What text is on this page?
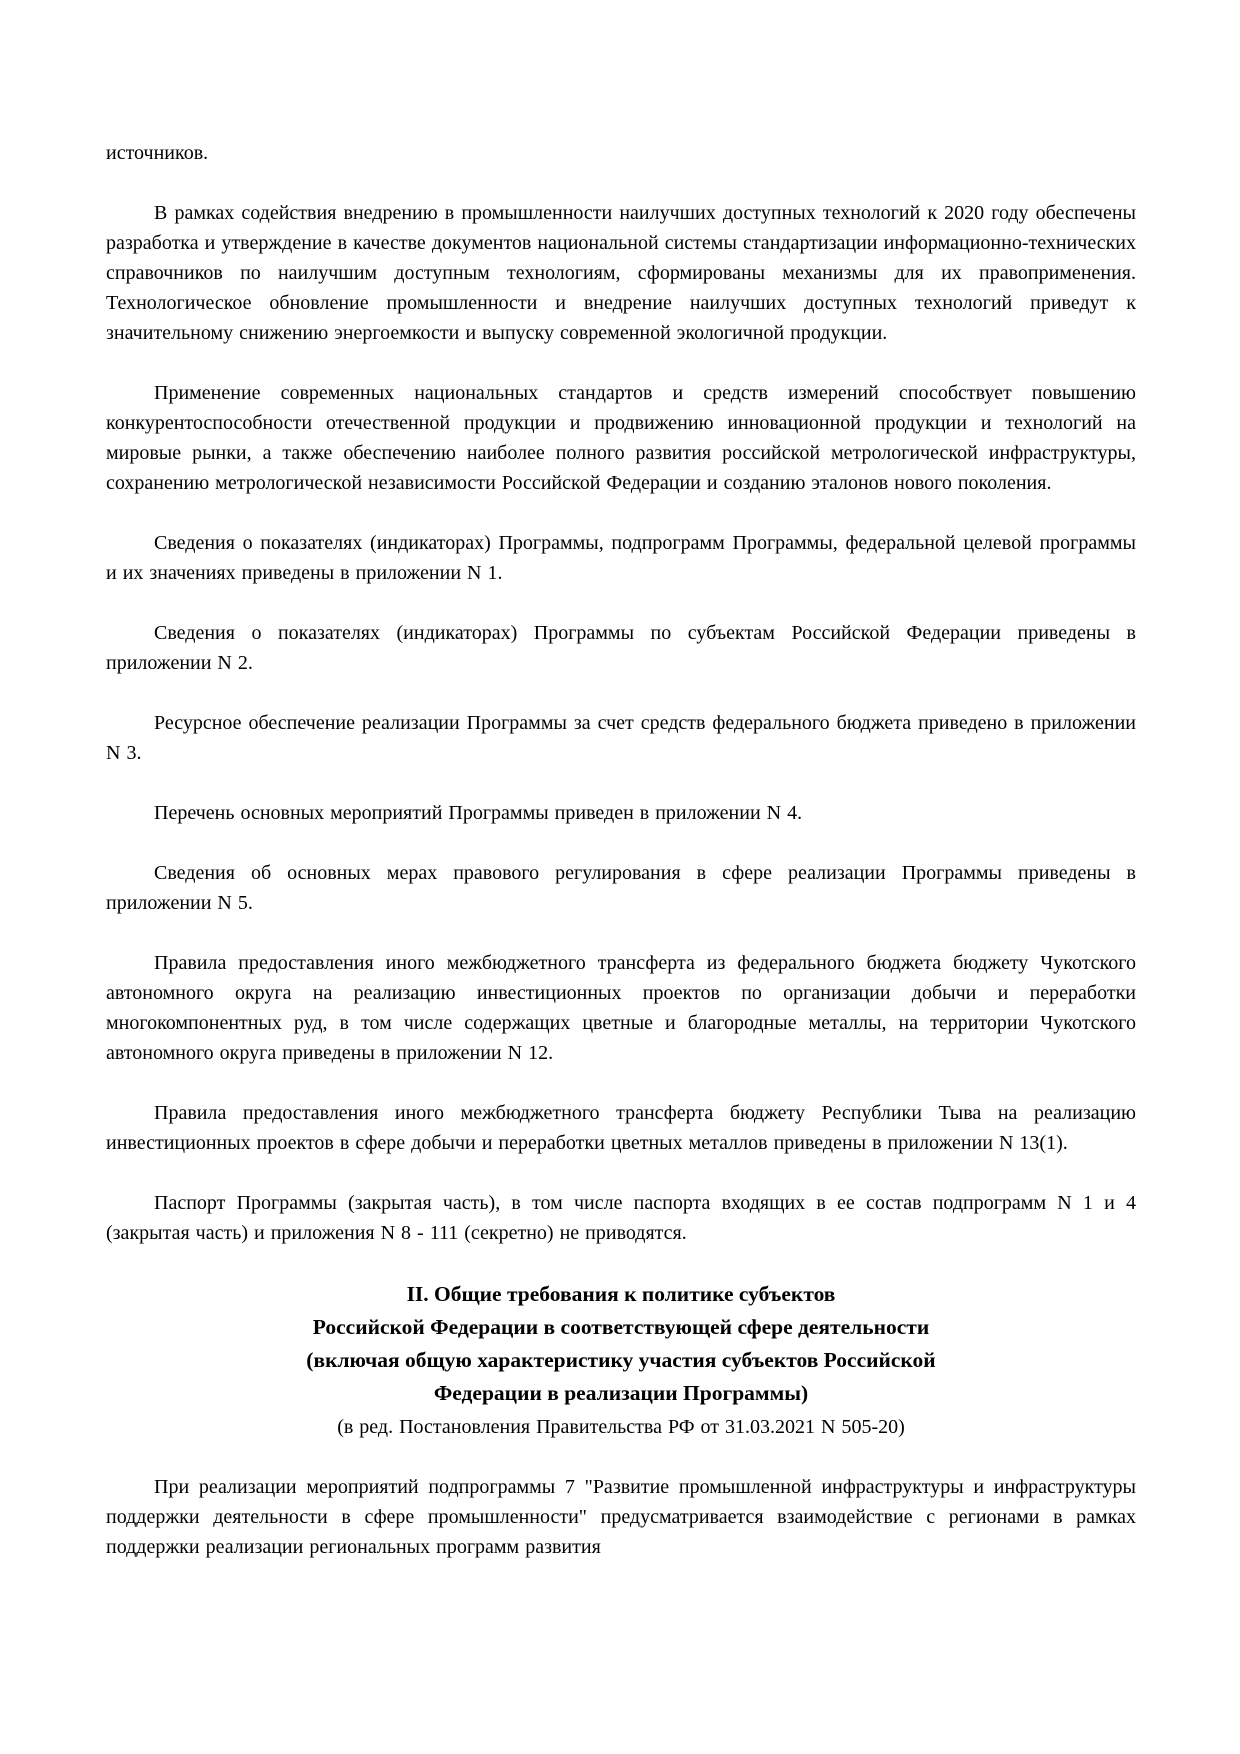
источников.

В рамках содействия внедрению в промышленности наилучших доступных технологий к 2020 году обеспечены разработка и утверждение в качестве документов национальной системы стандартизации информационно-технических справочников по наилучшим доступным технологиям, сформированы механизмы для их правоприменения. Технологическое обновление промышленности и внедрение наилучших доступных технологий приведут к значительному снижению энергоемкости и выпуску современной экологичной продукции.

Применение современных национальных стандартов и средств измерений способствует повышению конкурентоспособности отечественной продукции и продвижению инновационной продукции и технологий на мировые рынки, а также обеспечению наиболее полного развития российской метрологической инфраструктуры, сохранению метрологической независимости Российской Федерации и созданию эталонов нового поколения.

Сведения о показателях (индикаторах) Программы, подпрограмм Программы, федеральной целевой программы и их значениях приведены в приложении N 1.

Сведения о показателях (индикаторах) Программы по субъектам Российской Федерации приведены в приложении N 2.

Ресурсное обеспечение реализации Программы за счет средств федерального бюджета приведено в приложении N 3.

Перечень основных мероприятий Программы приведен в приложении N 4.

Сведения об основных мерах правового регулирования в сфере реализации Программы приведены в приложении N 5.

Правила предоставления иного межбюджетного трансферта из федерального бюджета бюджету Чукотского автономного округа на реализацию инвестиционных проектов по организации добычи и переработки многокомпонентных руд, в том числе содержащих цветные и благородные металлы, на территории Чукотского автономного округа приведены в приложении N 12.

Правила предоставления иного межбюджетного трансферта бюджету Республики Тыва на реализацию инвестиционных проектов в сфере добычи и переработки цветных металлов приведены в приложении N 13(1).

Паспорт Программы (закрытая часть), в том числе паспорта входящих в ее состав подпрограмм N 1 и 4 (закрытая часть) и приложения N 8 - 111 (секретно) не приводятся.

II. Общие требования к политике субъектов
Российской Федерации в соответствующей сфере деятельности
(включая общую характеристику участия субъектов Российской
Федерации в реализации Программы)

(в ред. Постановления Правительства РФ от 31.03.2021 N 505-20)

При реализации мероприятий подпрограммы 7 "Развитие промышленной инфраструктуры и инфраструктуры поддержки деятельности в сфере промышленности" предусматривается взаимодействие с регионами в рамках поддержки реализации региональных программ развития
